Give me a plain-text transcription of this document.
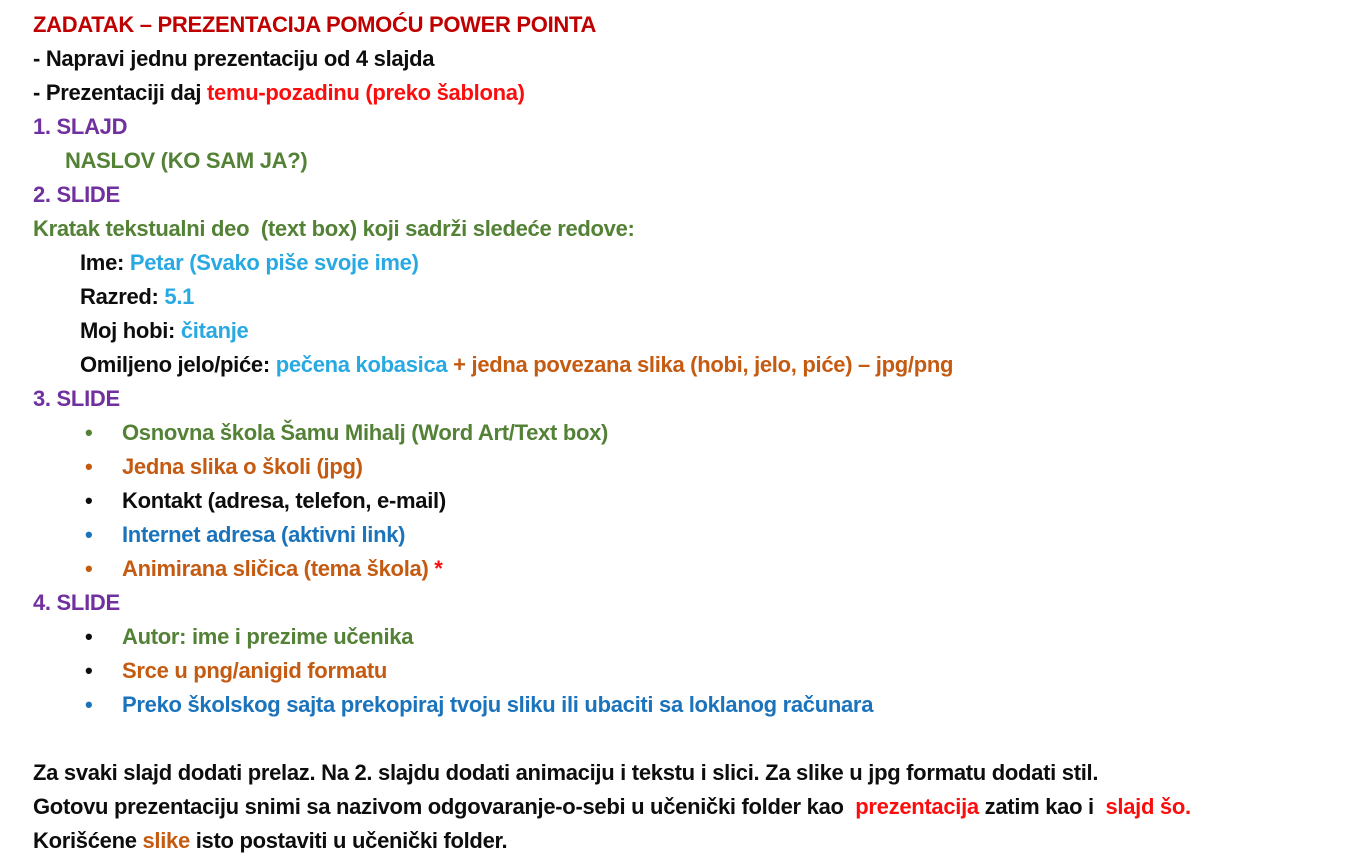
ZADATAK – PREZENTACIJA POMOĆU POWER POINTA
- Napravi jednu prezentaciju od 4 slajda
- Prezentaciji daj temu-pozadinu (preko šablona)
1. SLAJD
NASLOV (KO SAM JA?)
2. SLIDE
Kratak tekstualni deo  (text box) koji sadrži sledeće redove:
Ime: Petar (Svako piše svoje ime)
Razred: 5.1
Moj hobi: čitanje
Omiljeno jelo/piće: pečena kobasica + jedna povezana slika (hobi, jelo, piće) – jpg/png
3. SLIDE
• Osnovna škola Šamu Mihalj (Word Art/Text box)
• Jedna slika o školi (jpg)
• Kontakt (adresa, telefon, e-mail)
• Internet adresa (aktivni link)
• Animirana sličica (tema škola) *
4. SLIDE
• Autor: ime i prezime učenika
• Srce u png/anigid formatu
• Preko školskog sajta prekopiraj tvoju sliku ili ubaciti sa loklanog računara
Za svaki slajd dodati prelaz. Na 2. slajdu dodati animaciju i tekstu i slici. Za slike u jpg formatu dodati stil.
Gotovu prezentaciju snimi sa nazivom odgovaranje-o-sebi u učenički folder kao  prezentacija zatim kao i  slajd šo.
Korišćene slike isto postaviti u učenički folder.
